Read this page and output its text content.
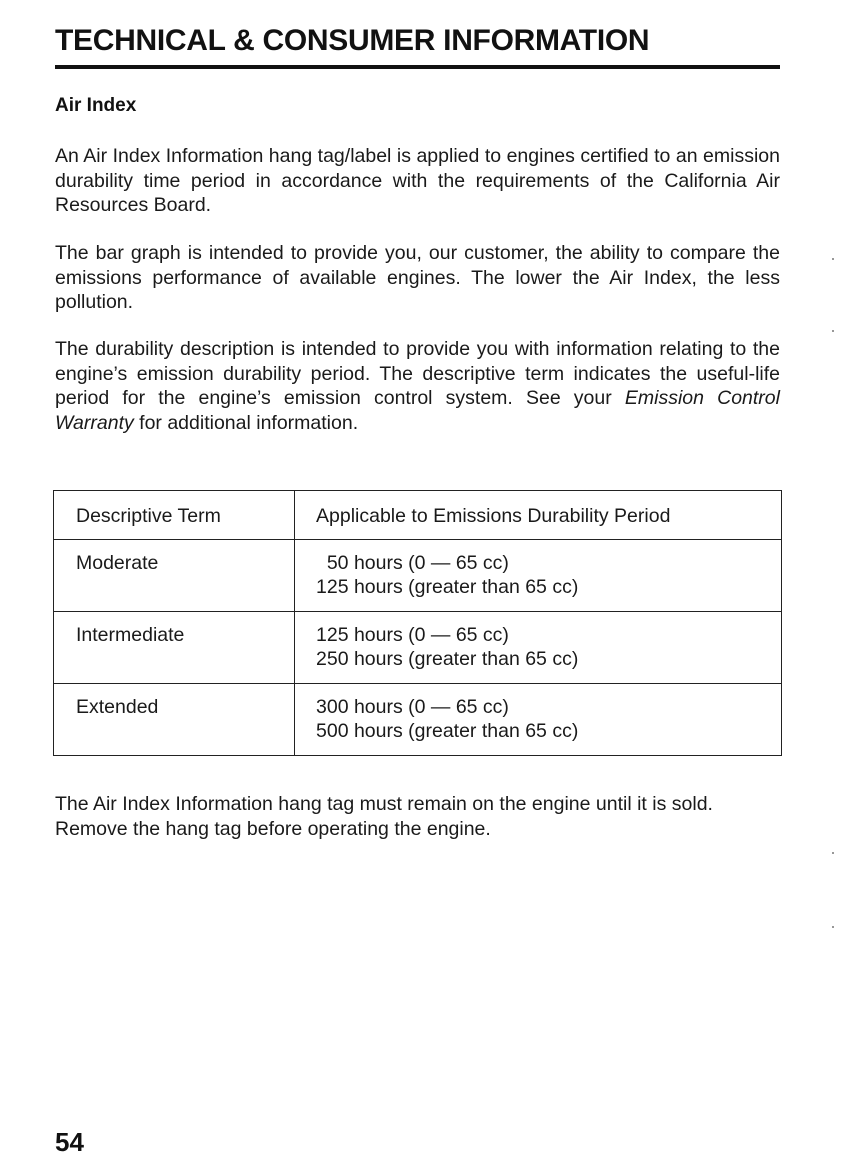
TECHNICAL & CONSUMER INFORMATION
Air Index

An Air Index Information hang tag/label is applied to engines certified to an emission durability time period in accordance with the requirements of the California Air Resources Board.

The bar graph is intended to provide you, our customer, the ability to compare the emissions performance of available engines. The lower the Air Index, the less pollution.

The durability description is intended to provide you with information relating to the engine’s emission durability period. The descriptive term indicates the useful-life period for the engine’s emission control system. See your Emission Control Warranty for additional information.

Descriptive Term	Applicable to Emissions Durability Period
Moderate	50 hours (0 — 65 cc)
125 hours (greater than 65 cc)
Intermediate	125 hours (0 — 65 cc)
250 hours (greater than 65 cc)
Extended	300 hours (0 — 65 cc)
500 hours (greater than 65 cc)

The Air Index Information hang tag must remain on the engine until it is sold. Remove the hang tag before operating the engine.

54
